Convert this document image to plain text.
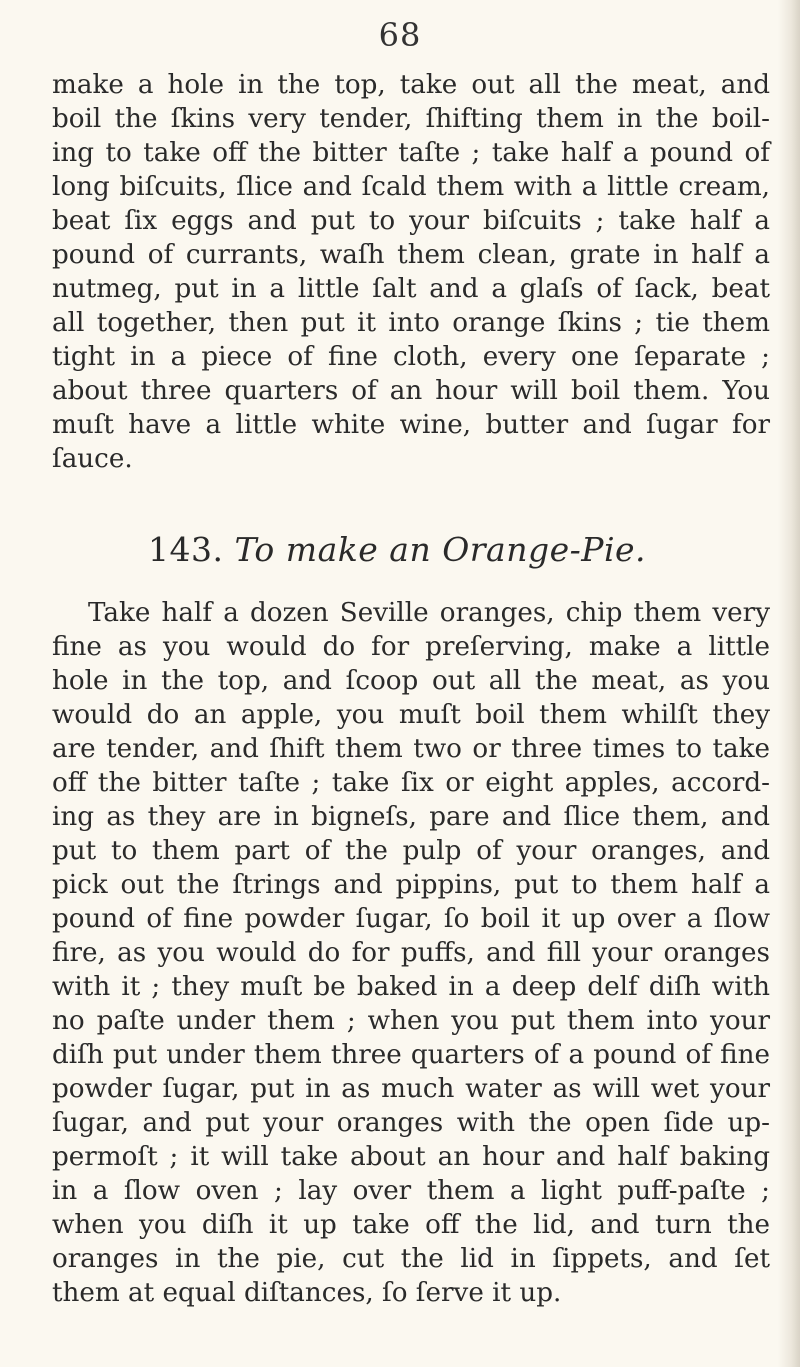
68
make a hole in the top, take out all the meat, and
boil the ſkins very tender, ſhifting them in the boil-
ing to take off the bitter taſte ; take half a pound of
long biſcuits, ſlice and ſcald them with a little cream,
beat ſix eggs and put to your biſcuits ; take half a
pound of currants, waſh them clean, grate in half a
nutmeg, put in a little ſalt and a glaſs of ſack, beat
all together, then put it into orange ſkins ; tie them
tight in a piece of fine cloth, every one ſeparate ;
about three quarters of an hour will boil them. You
muſt have a little white wine, butter and ſugar for
ſauce.
143. To make an Orange-Pie.
Take half a dozen Seville oranges, chip them very
fine as you would do for preſerving, make a little
hole in the top, and ſcoop out all the meat, as you
would do an apple, you muſt boil them whilſt they
are tender, and ſhift them two or three times to take
off the bitter taſte ; take ſix or eight apples, accord-
ing as they are in bigneſs, pare and ſlice them, and
put to them part of the pulp of your oranges, and
pick out the ſtrings and pippins, put to them half a
pound of fine powder ſugar, ſo boil it up over a ſlow
fire, as you would do for puffs, and fill your oranges
with it ; they muſt be baked in a deep delf diſh with
no paſte under them ; when you put them into your
diſh put under them three quarters of a pound of fine
powder ſugar, put in as much water as will wet your
ſugar, and put your oranges with the open ſide up-
permoſt ; it will take about an hour and half baking
in a ſlow oven ; lay over them a light puff-paſte ;
when you diſh it up take off the lid, and turn the
oranges in the pie, cut the lid in ſippets, and ſet
them at equal diſtances, ſo ſerve it up.
